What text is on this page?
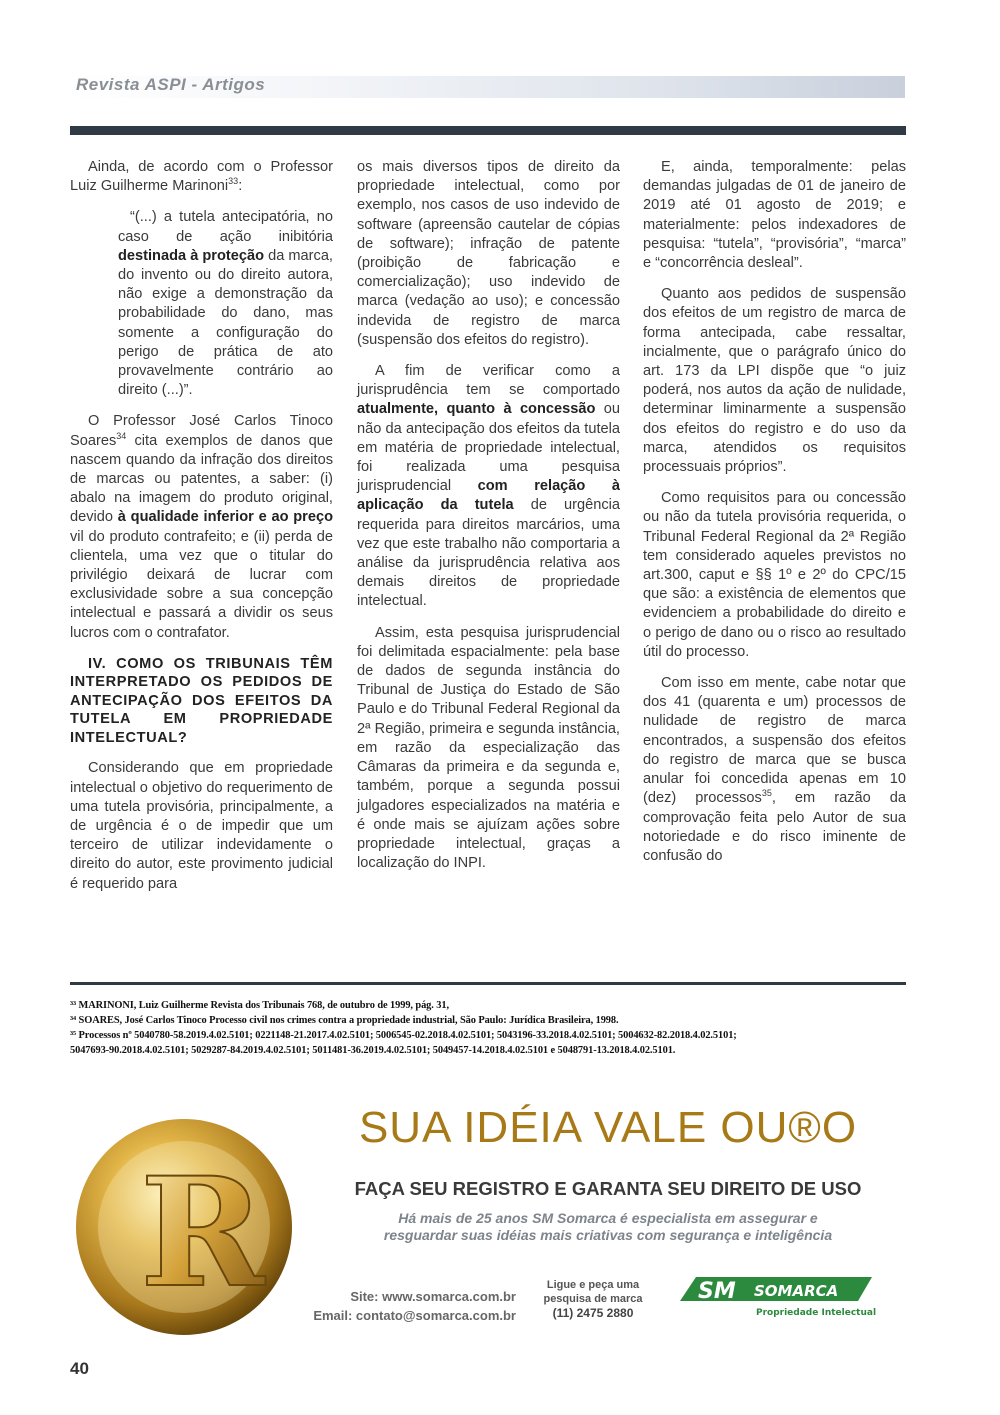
Revista ASPI - Artigos

Ainda, de acordo com o Professor Luiz Guilherme Marinoni$^{33}$:

“(...) a tutela antecipatória, no caso de ação inibitória destinada à proteção da marca, do invento ou do direito autora, não exige a demonstração da probabilidade do dano, mas somente a configuração do perigo de prática de ato provavelmente contrário ao direito (...)”.

O Professor José Carlos Tinoco Soares$^{34}$ cita exemplos de danos que nascem quando da infração dos direitos de marcas ou patentes, a saber: (i) abalo na imagem do produto original, devido à qualidade inferior e ao preço vil do produto contrafeito; e (ii) perda de clientela, uma vez que o titular do privilégio deixará de lucrar com exclusividade sobre a sua concepção intelectual e passará a dividir os seus lucros com o contrafator.

IV. COMO OS TRIBUNAIS TÊM INTERPRETADO OS PEDIDOS DE ANTECIPAÇÃO DOS EFEITOS DA TUTELA EM PROPRIEDADE INTELECTUAL?

Considerando que em propriedade intelectual o objetivo do requerimento de uma tutela provisória, principalmente, a de urgência é o de impedir que um terceiro de utilizar indevidamente o direito do autor, este provimento judicial é requerido para

os mais diversos tipos de direito da propriedade intelectual, como por exemplo, nos casos de uso indevido de software (apreensão cautelar de cópias de software); infração de patente (proibição de fabricação e comercialização); uso indevido de marca (vedação ao uso); e concessão indevida de registro de marca (suspensão dos efeitos do registro).

A fim de verificar como a jurisprudência tem se comportado atualmente, quanto à concessão ou não da antecipação dos efeitos da tutela em matéria de propriedade intelectual, foi realizada uma pesquisa jurisprudencial com relação à aplicação da tutela de urgência requerida para direitos marcários, uma vez que este trabalho não comportaria a análise da jurisprudência relativa aos demais direitos de propriedade intelectual.

Assim, esta pesquisa jurisprudencial foi delimitada espacialmente: pela base de dados de segunda instância do Tribunal de Justiça do Estado de São Paulo e do Tribunal Federal Regional da 2ª Região, primeira e segunda instância, em razão da especialização das Câmaras da primeira e da segunda e, também, porque a segunda possui julgadores especializados na matéria e é onde mais se ajuízam ações sobre propriedade intelectual, graças a localização do INPI.

E, ainda, temporalmente: pelas demandas julgadas de 01 de janeiro de 2019 até 01 agosto de 2019; e materialmente: pelos indexadores de pesquisa: “tutela”, “provisória”, “marca” e “concorrência desleal”.

Quanto aos pedidos de suspensão dos efeitos de um registro de marca de forma antecipada, cabe ressaltar, incialmente, que o parágrafo único do art. 173 da LPI dispõe que “o juiz poderá, nos autos da ação de nulidade, determinar liminarmente a suspensão dos efeitos do registro e do uso da marca, atendidos os requisitos processuais próprios”.

Como requisitos para ou concessão ou não da tutela provisória requerida, o Tribunal Federal Regional da 2ª Região tem considerado aqueles previstos no art.300, caput e §§ 1º e 2º do CPC/15 que são: a existência de elementos que evidenciem a probabilidade do direito e o perigo de dano ou o risco ao resultado útil do processo.

Com isso em mente, cabe notar que dos 41 (quarenta e um) processos de nulidade de registro de marca encontrados, a suspensão dos efeitos do registro de marca que se busca anular foi concedida apenas em 10 (dez) processos$^{35}$, em razão da comprovação feita pelo Autor de sua notoriedade e do risco iminente de confusão do

³³ MARINONI, Luiz Guilherme Revista dos Tribunais 768, de outubro de 1999, pág. 31,
³⁴ SOARES, José Carlos Tinoco Processo civil nos crimes contra a propriedade industrial, São Paulo: Jurídica Brasileira, 1998.
³⁵ Processos nº 5040780-58.2019.4.02.5101; 0221148-21.2017.4.02.5101; 5006545-02.2018.4.02.5101; 5043196-33.2018.4.02.5101; 5004632-82.2018.4.02.5101;
5047693-90.2018.4.02.5101; 5029287-84.2019.4.02.5101; 5011481-36.2019.4.02.5101; 5049457-14.2018.4.02.5101 e 5048791-13.2018.4.02.5101.
R
SUA IDÉIA VALE OU®O
FAÇA SEU REGISTRO E GARANTA SEU DIREITO DE USO
Há mais de 25 anos SM Somarca é especialista em assegurar e
resguardar suas idéias mais criativas com segurança e inteligência
Site: www.somarca.com.br
Email: contato@somarca.com.br
Ligue e peça uma
pesquisa de marca
(11) 2475 2880
SM SOMARCA
Propriedade Intelectual
40
